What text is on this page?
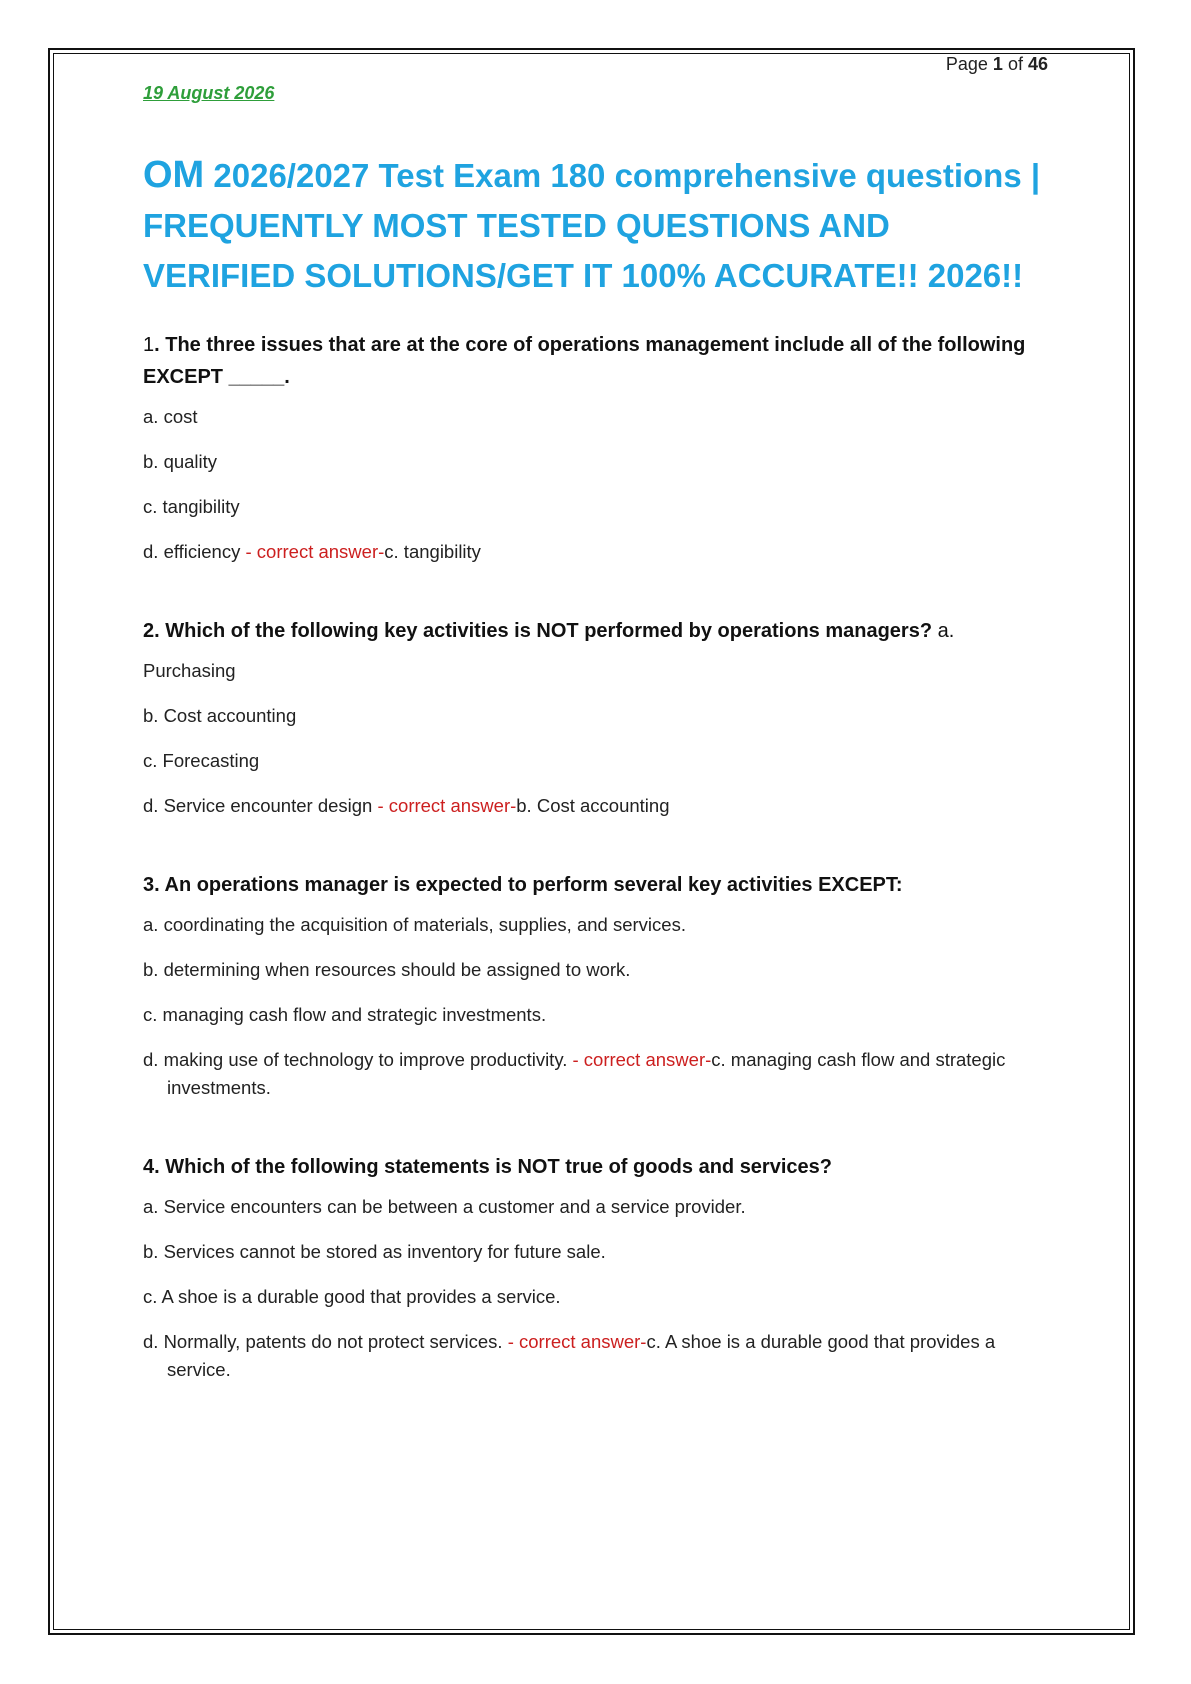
Page 1 of 46
19 August 2026
OM 2026/2027 Test Exam 180 comprehensive questions | FREQUENTLY MOST TESTED QUESTIONS AND VERIFIED SOLUTIONS/GET IT 100% ACCURATE!! 2026!!

1. The three issues that are at the core of operations management include all of the following EXCEPT _____.

a. cost

b. quality

c. tangibility

d. efficiency - correct answer-c. tangibility

2. Which of the following key activities is NOT performed by operations managers? a.

Purchasing

b. Cost accounting

c. Forecasting

d. Service encounter design - correct answer-b. Cost accounting

3. An operations manager is expected to perform several key activities EXCEPT:

a. coordinating the acquisition of materials, supplies, and services.

b. determining when resources should be assigned to work.

c. managing cash flow and strategic investments.

d. making use of technology to improve productivity. - correct answer-c. managing cash flow and strategic investments.

4. Which of the following statements is NOT true of goods and services?

a. Service encounters can be between a customer and a service provider.

b. Services cannot be stored as inventory for future sale.

c. A shoe is a durable good that provides a service.

d. Normally, patents do not protect services. - correct answer-c. A shoe is a durable good that provides a service.
